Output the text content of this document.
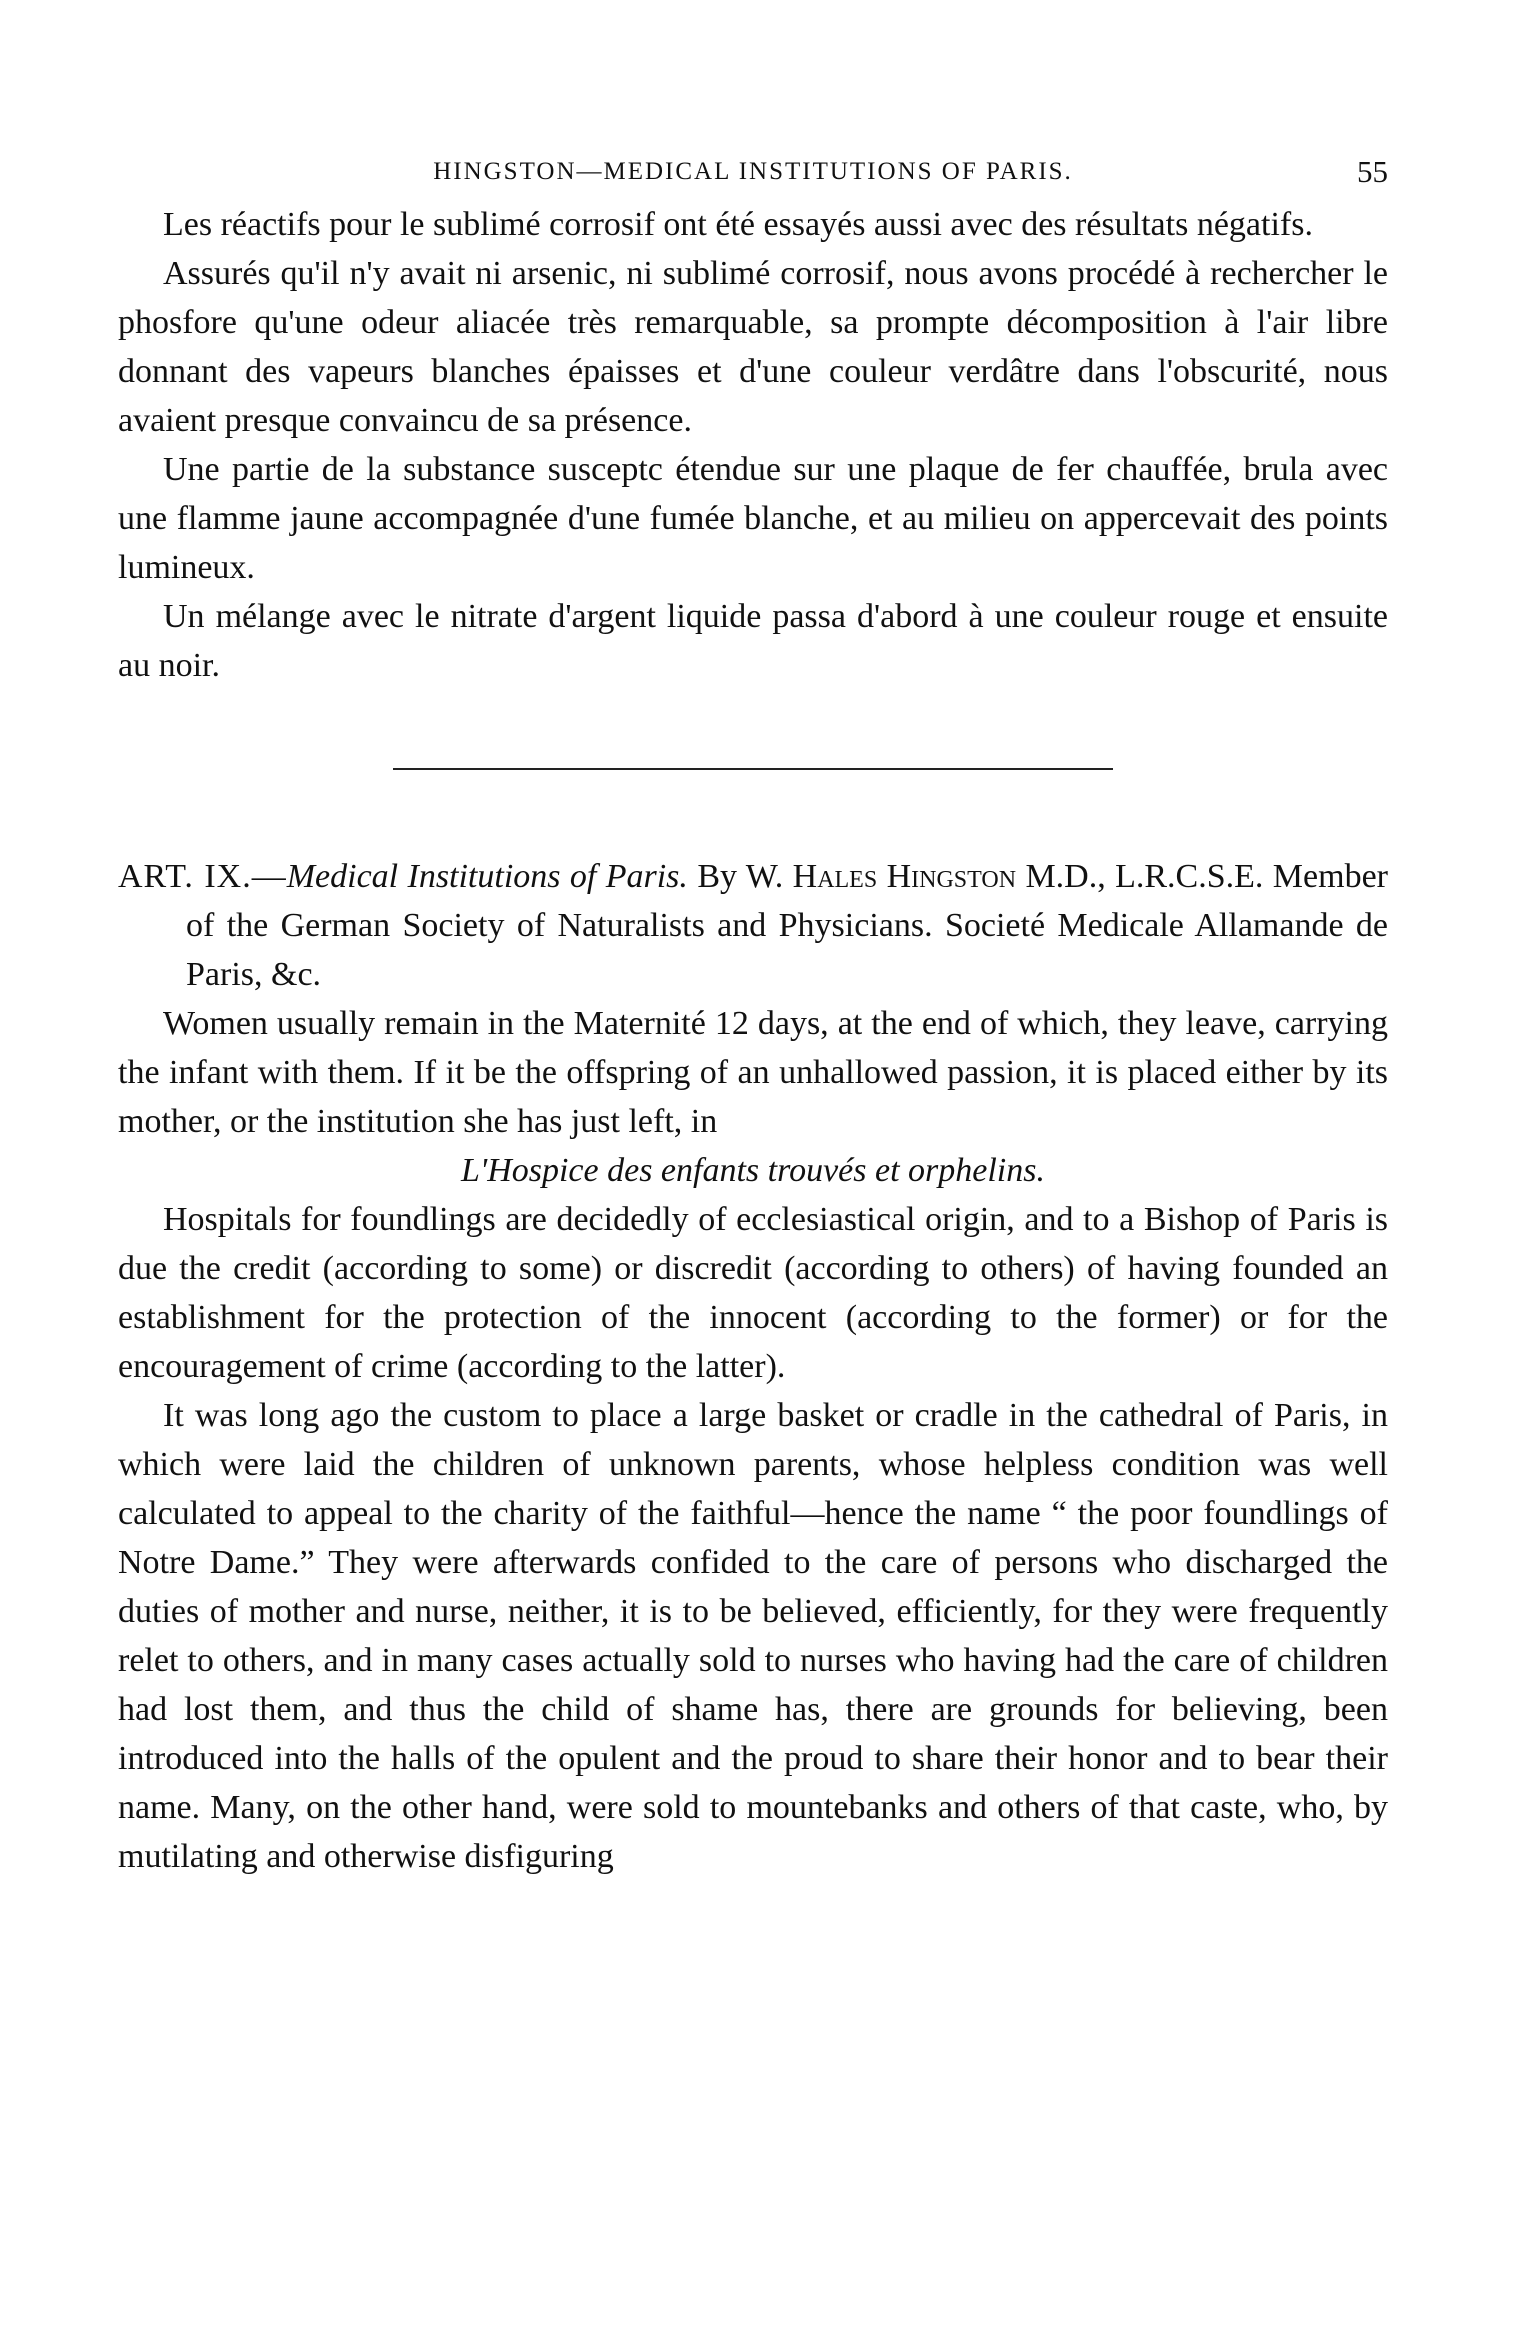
HINGSTON—MEDICAL INSTITUTIONS OF PARIS.	55

Les réactifs pour le sublimé corrosif ont été essayés aussi avec des résultats négatifs.

Assurés qu'il n'y avait ni arsenic, ni sublimé corrosif, nous avons procédé à rechercher le phosfore qu'une odeur aliacée très remarquable, sa prompte décomposition à l'air libre donnant des vapeurs blanches épaisses et d'une couleur verdâtre dans l'obscurité, nous avaient presque convaincu de sa présence.

Une partie de la substance susceptc étendue sur une plaque de fer chauffée, brula avec une flamme jaune accompagnée d'une fumée blanche, et au milieu on appercevait des points lumineux.

Un mélange avec le nitrate d'argent liquide passa d'abord à une couleur rouge et ensuite au noir.

ART. IX.—Medical Institutions of Paris. By W. Hales Hingston M.D., L.R.C.S.E. Member of the German Society of Naturalists and Physicians. Societé Medicale Allamande de Paris, &c.

Women usually remain in the Maternité 12 days, at the end of which, they leave, carrying the infant with them. If it be the offspring of an unhallowed passion, it is placed either by its mother, or the institution she has just left, in

L'Hospice des enfants trouvés et orphelins.

Hospitals for foundlings are decidedly of ecclesiastical origin, and to a Bishop of Paris is due the credit (according to some) or discredit (according to others) of having founded an establishment for the protection of the innocent (according to the former) or for the encouragement of crime (according to the latter).

It was long ago the custom to place a large basket or cradle in the cathedral of Paris, in which were laid the children of unknown parents, whose helpless condition was well calculated to appeal to the charity of the faithful—hence the name “ the poor foundlings of Notre Dame.” They were afterwards confided to the care of persons who discharged the duties of mother and nurse, neither, it is to be believed, efficiently, for they were frequently relet to others, and in many cases actually sold to nurses who having had the care of children had lost them, and thus the child of shame has, there are grounds for believing, been introduced into the halls of the opulent and the proud to share their honor and to bear their name. Many, on the other hand, were sold to mountebanks and others of that caste, who, by mutilating and otherwise disfiguring
